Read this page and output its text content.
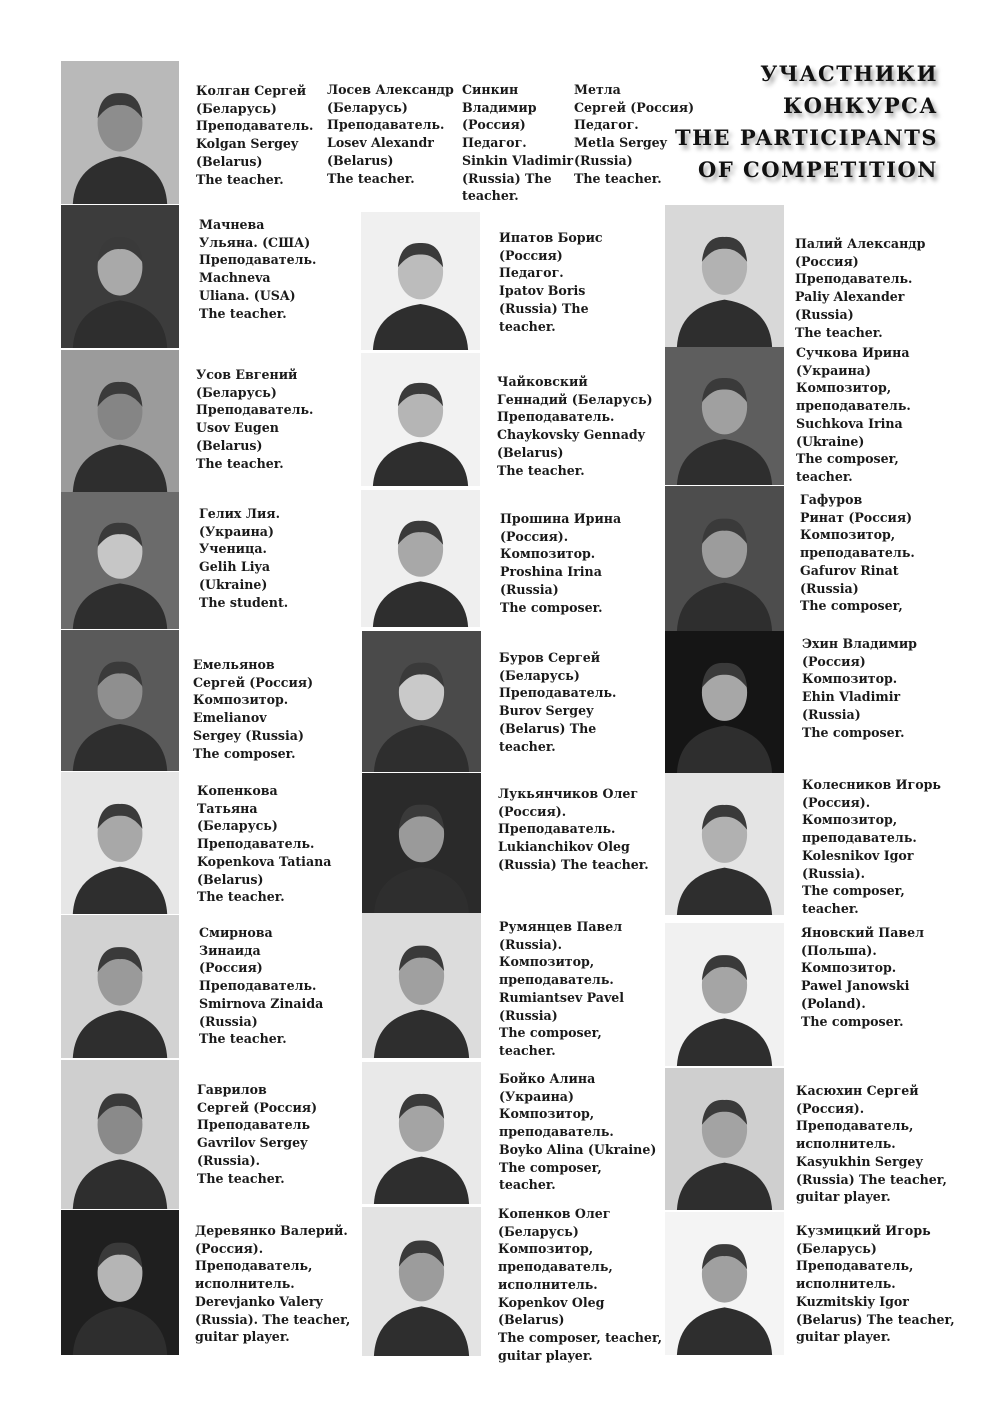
УЧАСТНИКИ
КОНКУРСА
THE PARTICIPANTS
OF COMPETITION
Колган Сергей
(Беларусь)
Преподаватель.
Kolgan Sergey
(Belarus)
The teacher.
Лосев Александр
(Беларусь)
Преподаватель.
Losev Alexandr
(Belarus)
The teacher.
Синкин
Владимир
(Россия)
Педагог.
Sinkin Vladimir
(Russia) The
teacher.
Метла
Сергей (Россия)
Педагог.
Metla Sergey
(Russia)
The teacher.
Мачнева
Ульяна. (США)
Преподаватель.
Machneva
Uliana. (USA)
The teacher.
Усов Евгений
(Беларусь)
Преподаватель.
Usov Eugen
(Belarus)
The teacher.
Гелих Лия.
(Украина)
Ученица.
Gelih Liya
(Ukraine)
The student.
Емельянов
Сергей (Россия)
Композитор.
Emelianov
Sergey (Russia)
The composer.
Копенкова
Татьяна
(Беларусь)
Преподаватель.
Kopenkova Tatiana
(Belarus)
The teacher.
Смирнова
Зинаида
(Россия)
Преподаватель.
Smirnova Zinaida
(Russia)
The teacher.
Гаврилов
Сергей (Россия)
Преподаватель
Gavrilov Sergey
(Russia).
The teacher.
Деревянко Валерий.
(Россия).
Преподаватель,
исполнитель.
Derevjanko Valery
(Russia). The teacher,
guitar player.
Ипатов Борис
(Россия)
Педагог.
Ipatov Boris
(Russia) The
teacher.
Чайковский
Геннадий (Беларусь)
Преподаватель.
Chaykovsky Gennady
(Belarus)
The teacher.
Прошина Ирина
(Россия).
Композитор.
Proshina Irina
(Russia)
The composer.
Буров Сергей
(Беларусь)
Преподаватель.
Burov Sergey
(Belarus) The
teacher.
Лукьянчиков Олег
(Россия).
Преподаватель.
Lukianchikov Oleg
(Russia) The teacher.
Румянцев Павел
(Russia).
Композитор,
преподаватель.
Rumiantsev Pavel
(Russia)
The composer,
teacher.
Бойко Алина
(Украина)
Композитор,
преподаватель.
Boyko Alina (Ukraine)
The composer,
teacher.
Копенков Олег
(Беларусь)
Композитор,
преподаватель,
исполнитель.
Kopenkov Oleg
(Belarus)
The composer, teacher,
guitar player.
Палий Александр
(Россия)
Преподаватель.
Paliy Alexander
(Russia)
The teacher.
Сучкова Ирина
(Украина)
Композитор,
преподаватель.
Suchkova Irina
(Ukraine)
The composer,
teacher.
Гафуров
Ринат (Россия)
Композитор,
преподаватель.
Gafurov Rinat
(Russia)
The composer,
Эхин Владимир
(Россия)
Композитор.
Ehin Vladimir
(Russia)
The composer.
Колесников Игорь
(Россия).
Композитор,
преподаватель.
Kolesnikov Igor
(Russia).
The composer,
teacher.
Яновский Павел
(Польша).
Композитор.
Pawel Janowski
(Poland).
The composer.
Касюхин Сергей
(Россия).
Преподаватель,
исполнитель.
Kasyukhin Sergey
(Russia) The teacher,
guitar player.
Кузмицкий Игорь
(Беларусь)
Преподаватель,
исполнитель.
Kuzmitskiy Igor
(Belarus) The teacher,
guitar player.
